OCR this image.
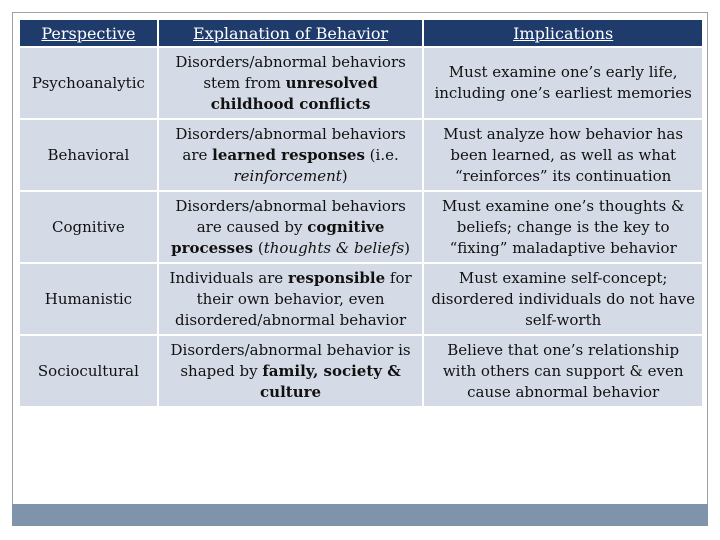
Perspective	Explanation of Behavior	Implications
Psychoanalytic	Disorders/abnormal behaviors stem from unresolved childhood conflicts	Must examine one’s early life, including one’s earliest memories
Behavioral	Disorders/abnormal behaviors are learned responses (i.e. reinforcement)	Must analyze how behavior has been learned, as well as what “reinforces” its continuation
Cognitive	Disorders/abnormal behaviors are caused by cognitive processes (thoughts & beliefs)	Must examine one’s thoughts & beliefs; change is the key to “fixing” maladaptive behavior
Humanistic	Individuals are responsible for their own behavior, even disordered/abnormal behavior	Must examine self-concept; disordered individuals do not have self-worth
Sociocultural	Disorders/abnormal behavior is shaped by family, society & culture	Believe that one’s relationship with others can support & even cause abnormal behavior
